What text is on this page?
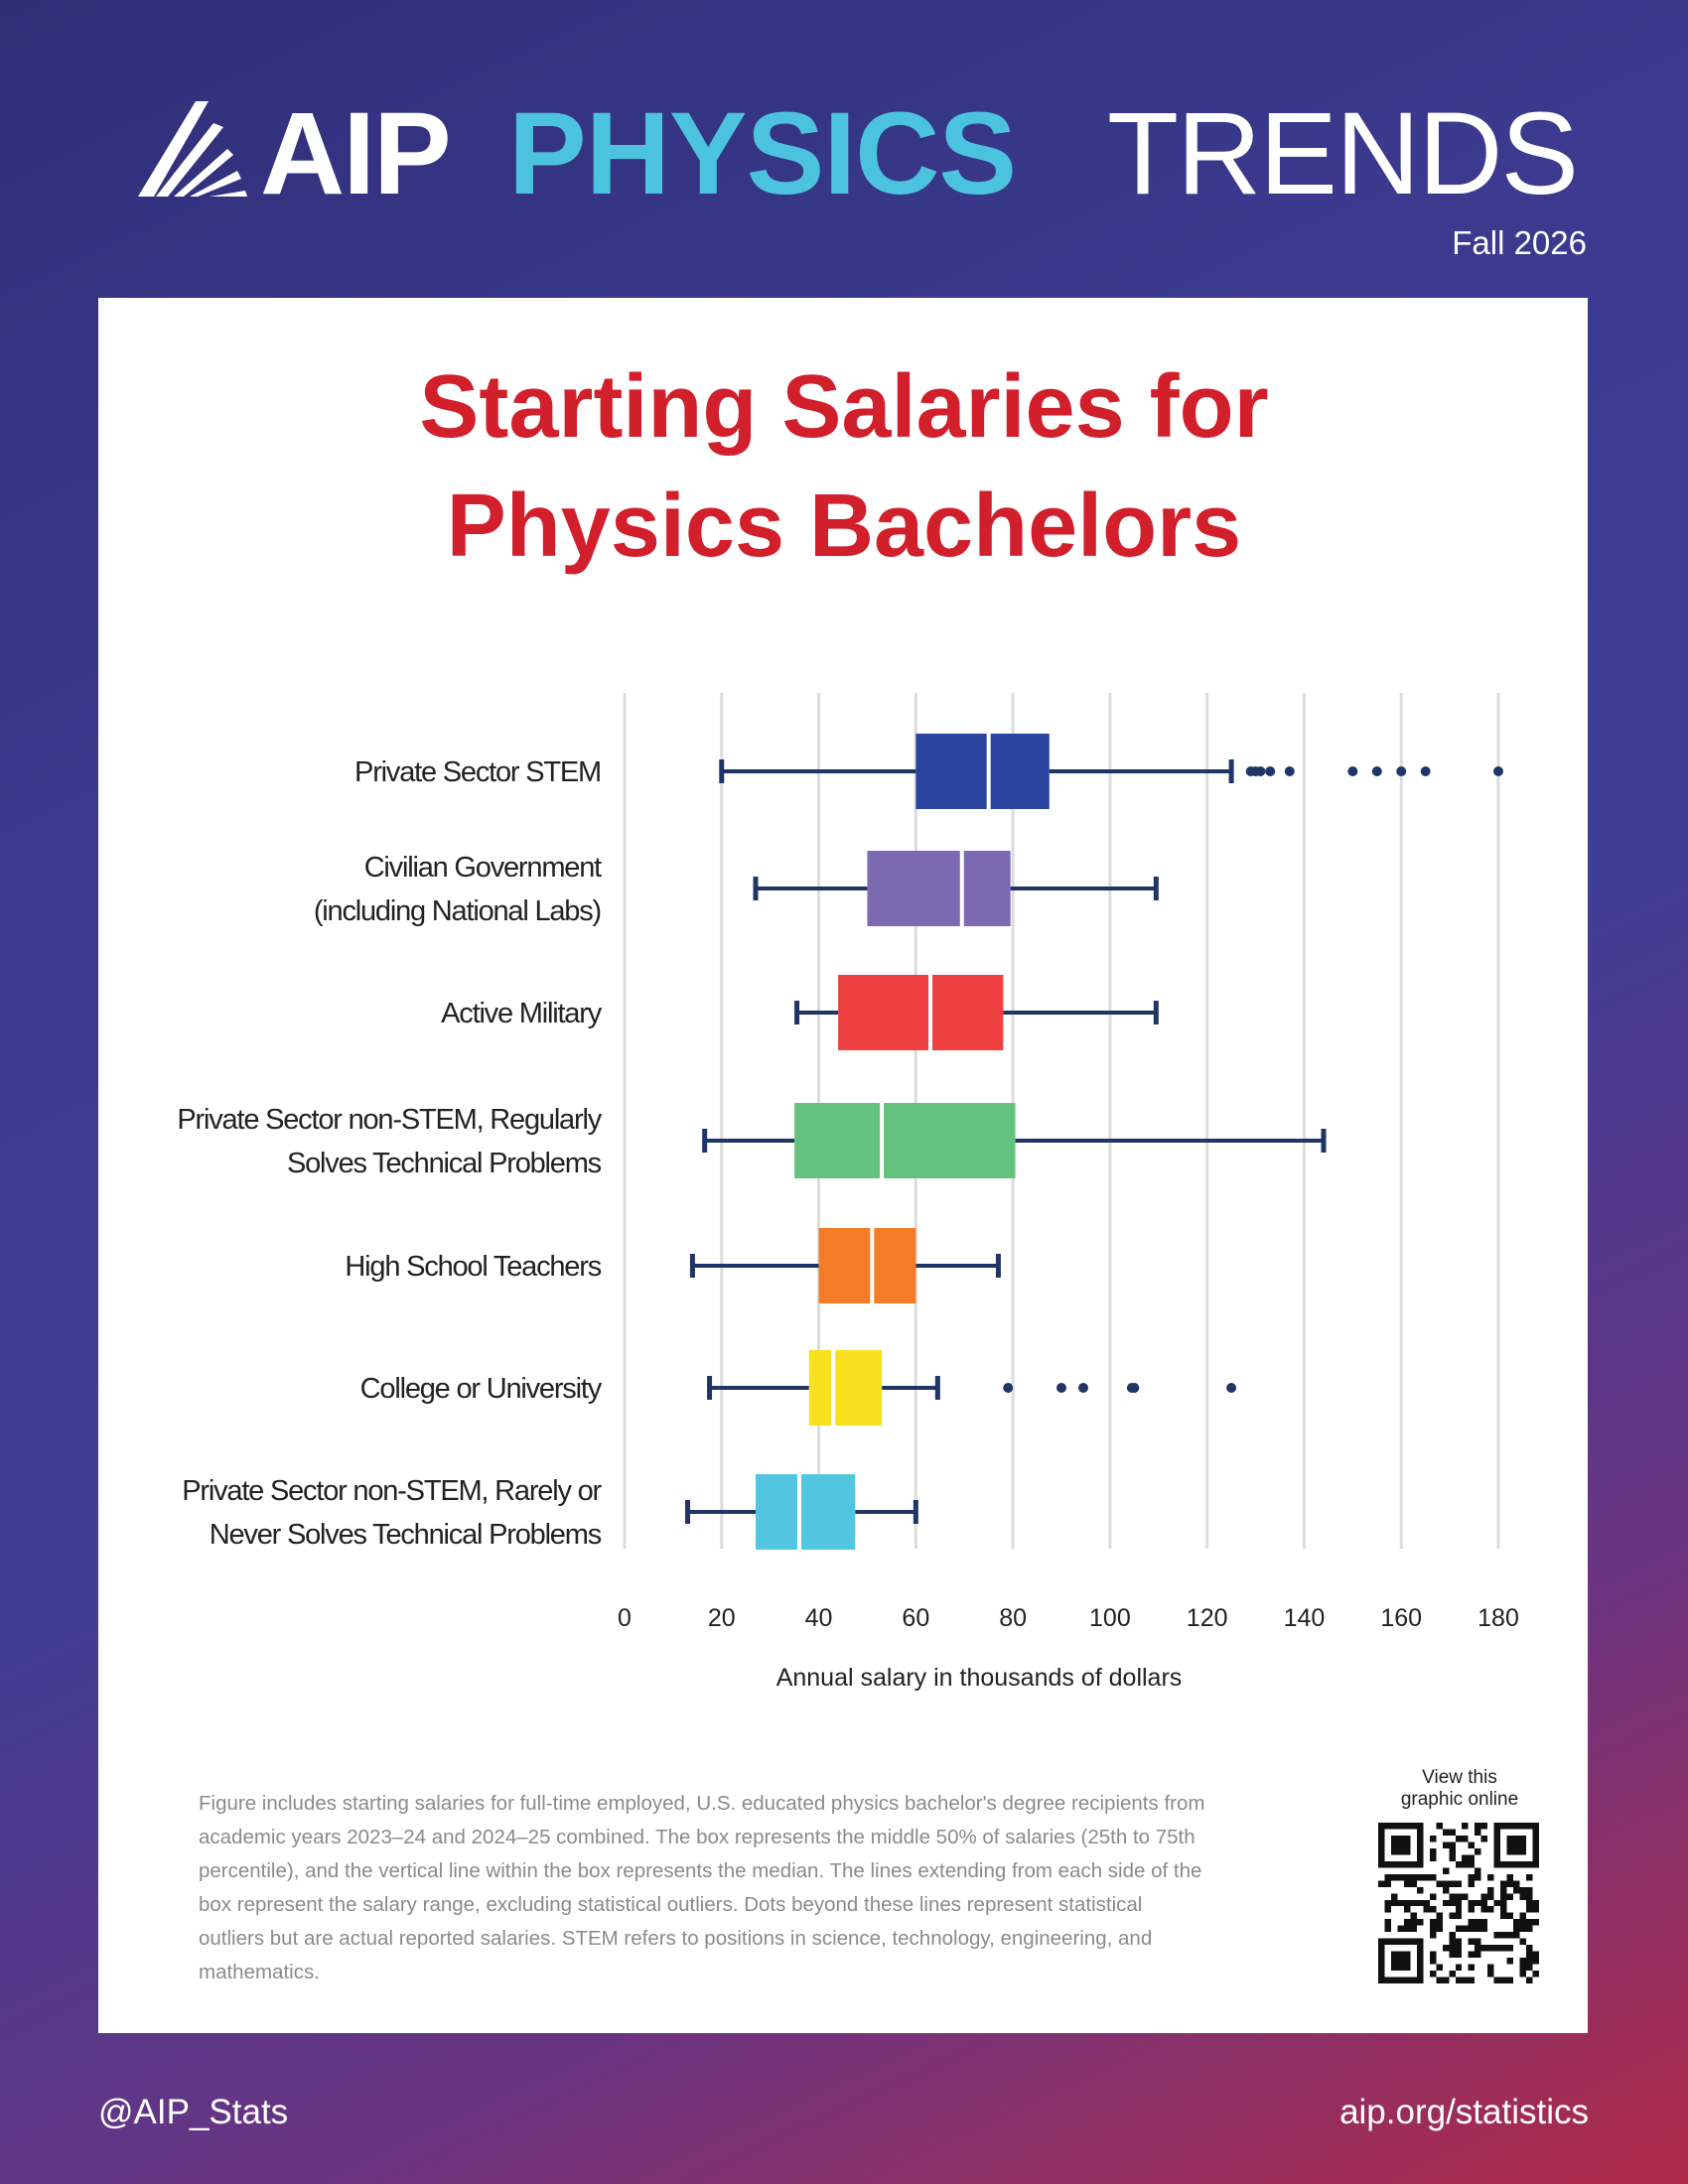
AIP PHYSICS TRENDS
Fall 2026
Starting Salaries for
Physics Bachelors
Private Sector STEM
Civilian Government
(including National Labs)
Active Military
Private Sector non-STEM, Regularly
Solves Technical Problems
High School Teachers
College or University
Private Sector non-STEM, Rarely or
Never Solves Technical Problems
0	20	40	60	80	100 120 140 160 180
Annual salary in thousands of dollars
Figure includes starting salaries for full-time employed, U.S. educated physics bachelor's degree recipients from academic years 2023–24 and 2024–25 combined. The box represents the middle 50% of salaries (25th to 75th percentile), and the vertical line within the box represents the median. The lines extending from each side of the box represent the salary range, excluding statistical outliers. Dots beyond these lines represent statistical outliers but are actual reported salaries. STEM refers to positions in science, technology, engineering, and mathematics.
View this
graphic online
@AIP_Stats	aip.org/statistics
